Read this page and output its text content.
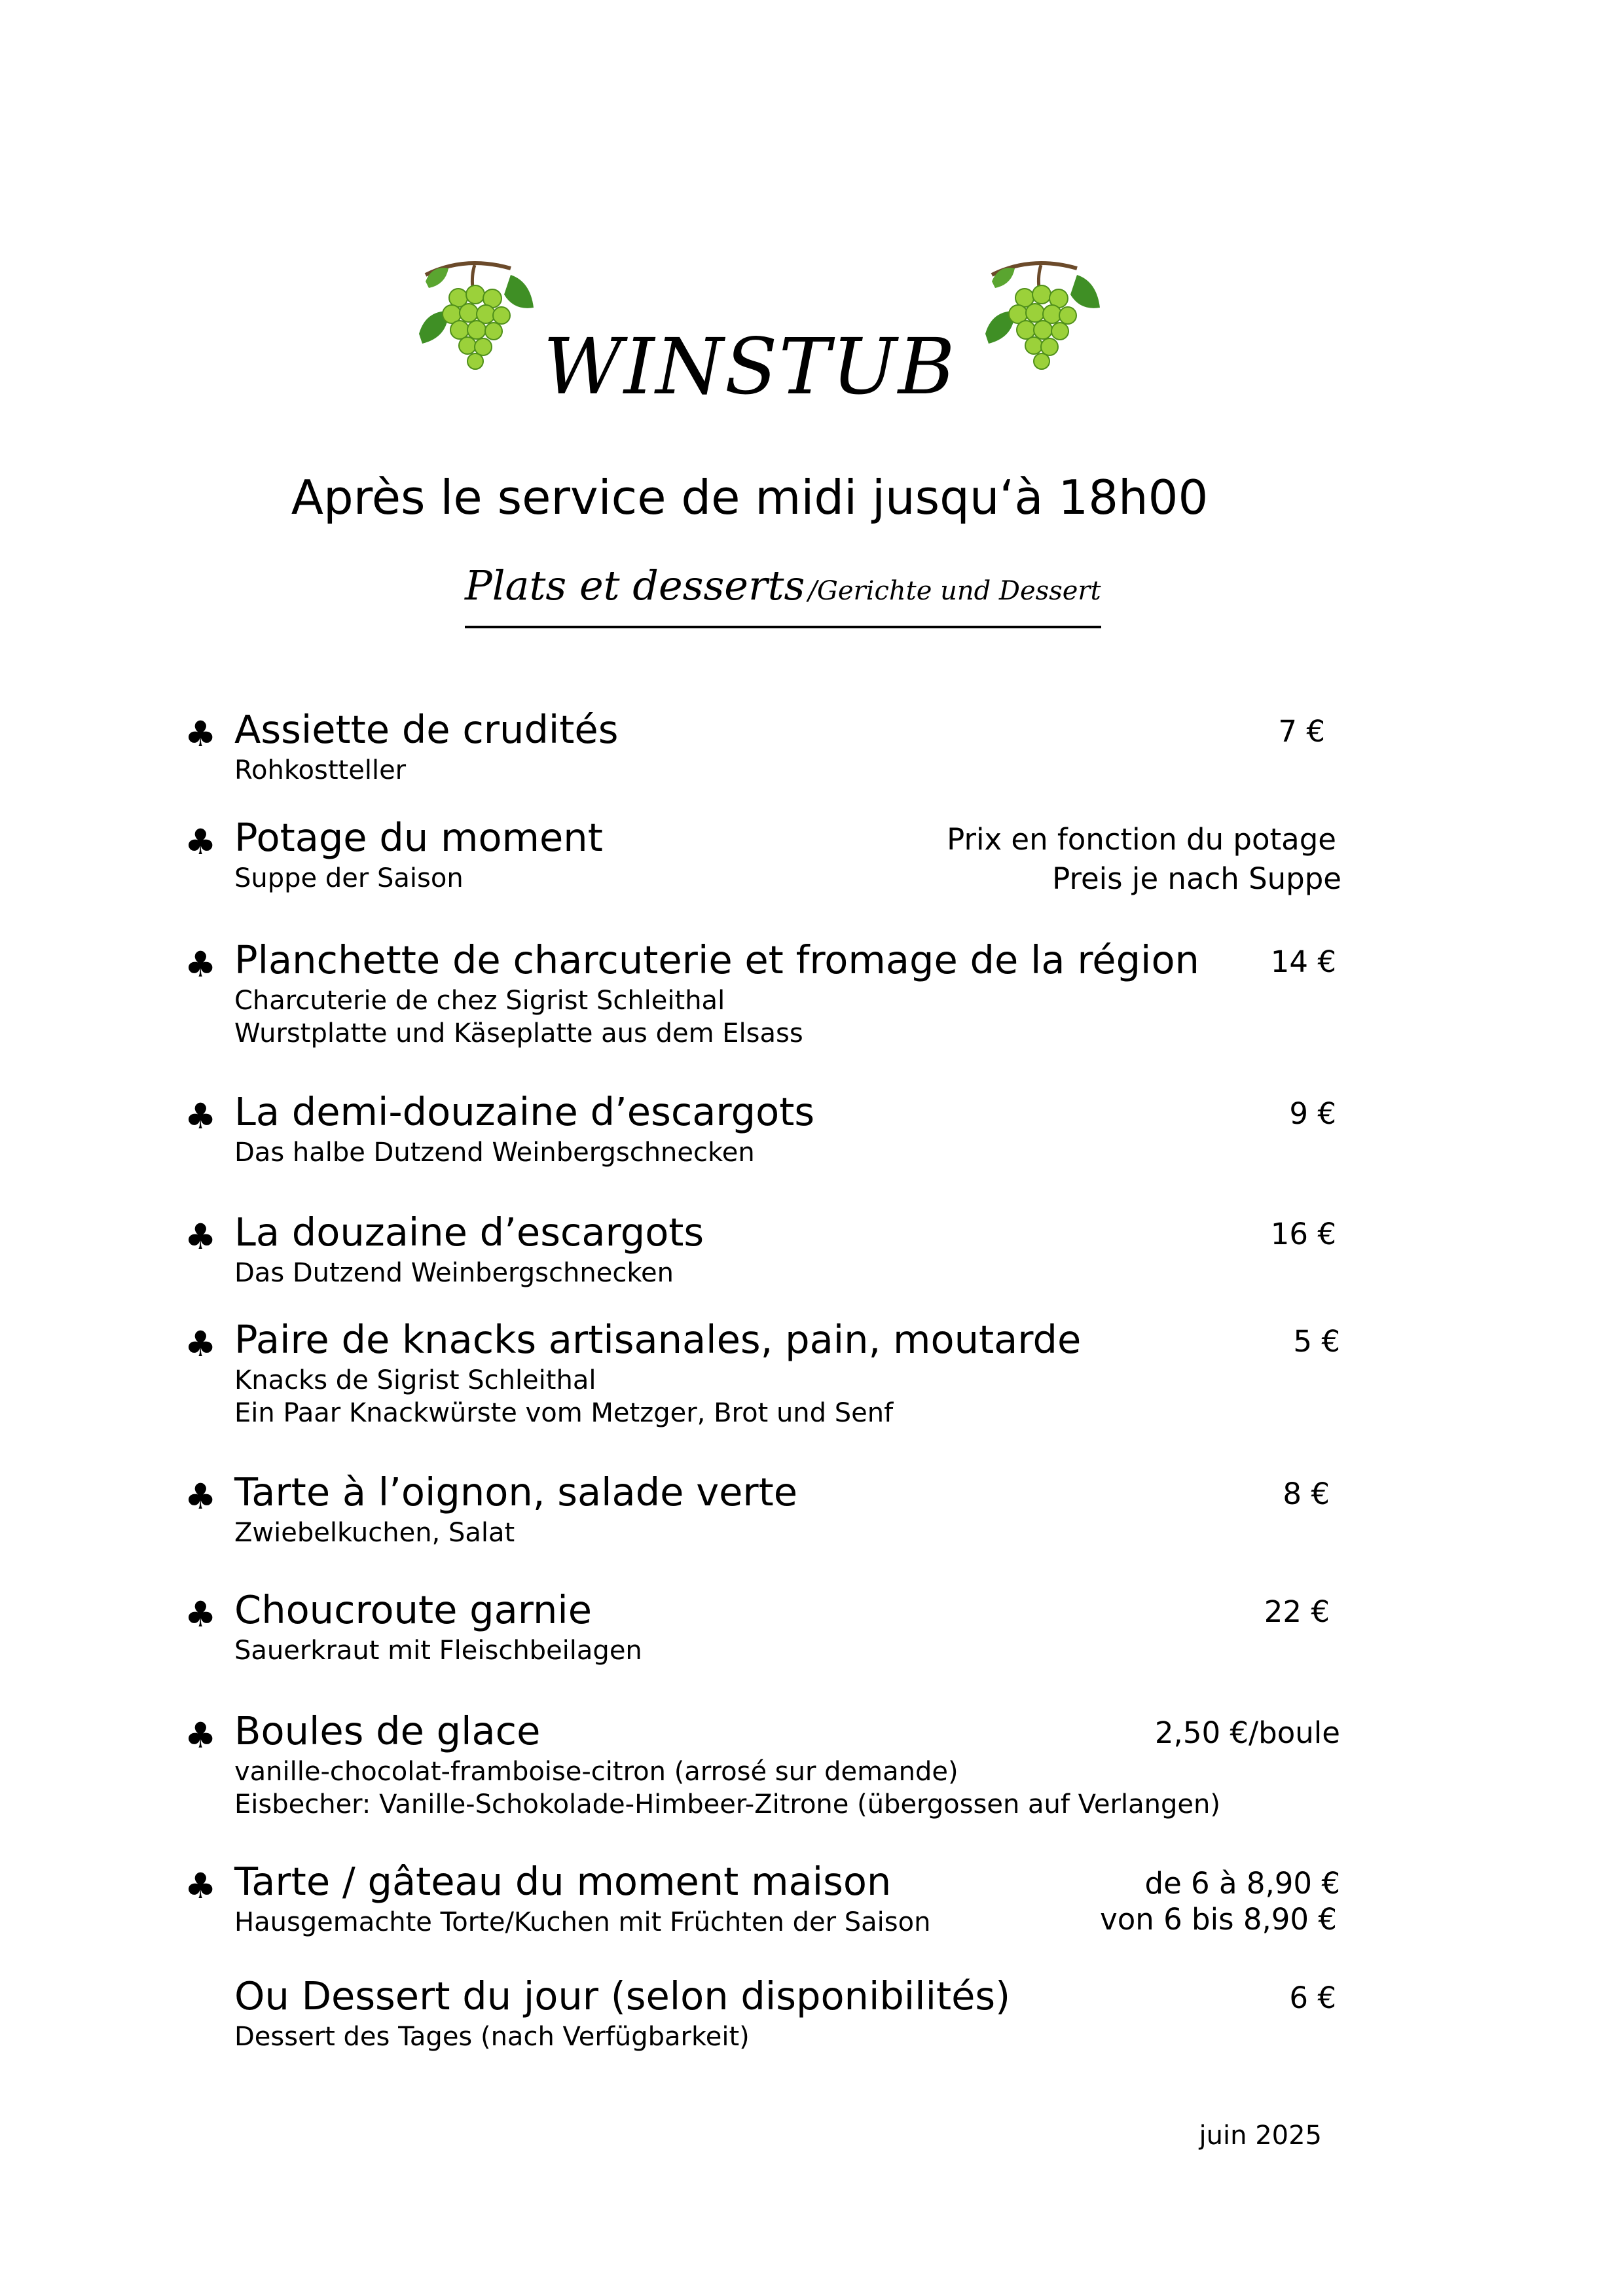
WINSTUB
Après le service de midi jusqu‘à 18h00
Plats et desserts /Gerichte und Dessert
♣ Assiette de crudités
Rohkostteller
7 €
♣ Potage du moment
Suppe der Saison
Prix en fonction du potage
Preis je nach Suppe
♣ Planchette de charcuterie et fromage de la région
Charcuterie de chez Sigrist Schleithal
Wurstplatte und Käseplatte aus dem Elsass
14 €
♣ La demi-douzaine d’escargots
Das halbe Dutzend Weinbergschnecken
9 €
♣ La douzaine d’escargots
Das Dutzend Weinbergschnecken
16 €
♣ Paire de knacks artisanales, pain, moutarde
Knacks de Sigrist Schleithal
Ein Paar Knackwürste vom Metzger, Brot und Senf
5 €
♣ Tarte à l’oignon, salade verte
Zwiebelkuchen, Salat
8 €
♣ Choucroute garnie
Sauerkraut mit Fleischbeilagen
22 €
♣ Boules de glace
vanille-chocolat-framboise-citron (arrosé sur demande)
Eisbecher: Vanille-Schokolade-Himbeer-Zitrone (übergossen auf Verlangen)
2,50 €/boule
♣ Tarte / gâteau du moment maison
Hausgemachte Torte/Kuchen mit Früchten der Saison
de 6 à 8,90 €
von 6 bis 8,90 €
Ou Dessert du jour (selon disponibilités)
Dessert des Tages (nach Verfügbarkeit)
6 €
juin 2025
